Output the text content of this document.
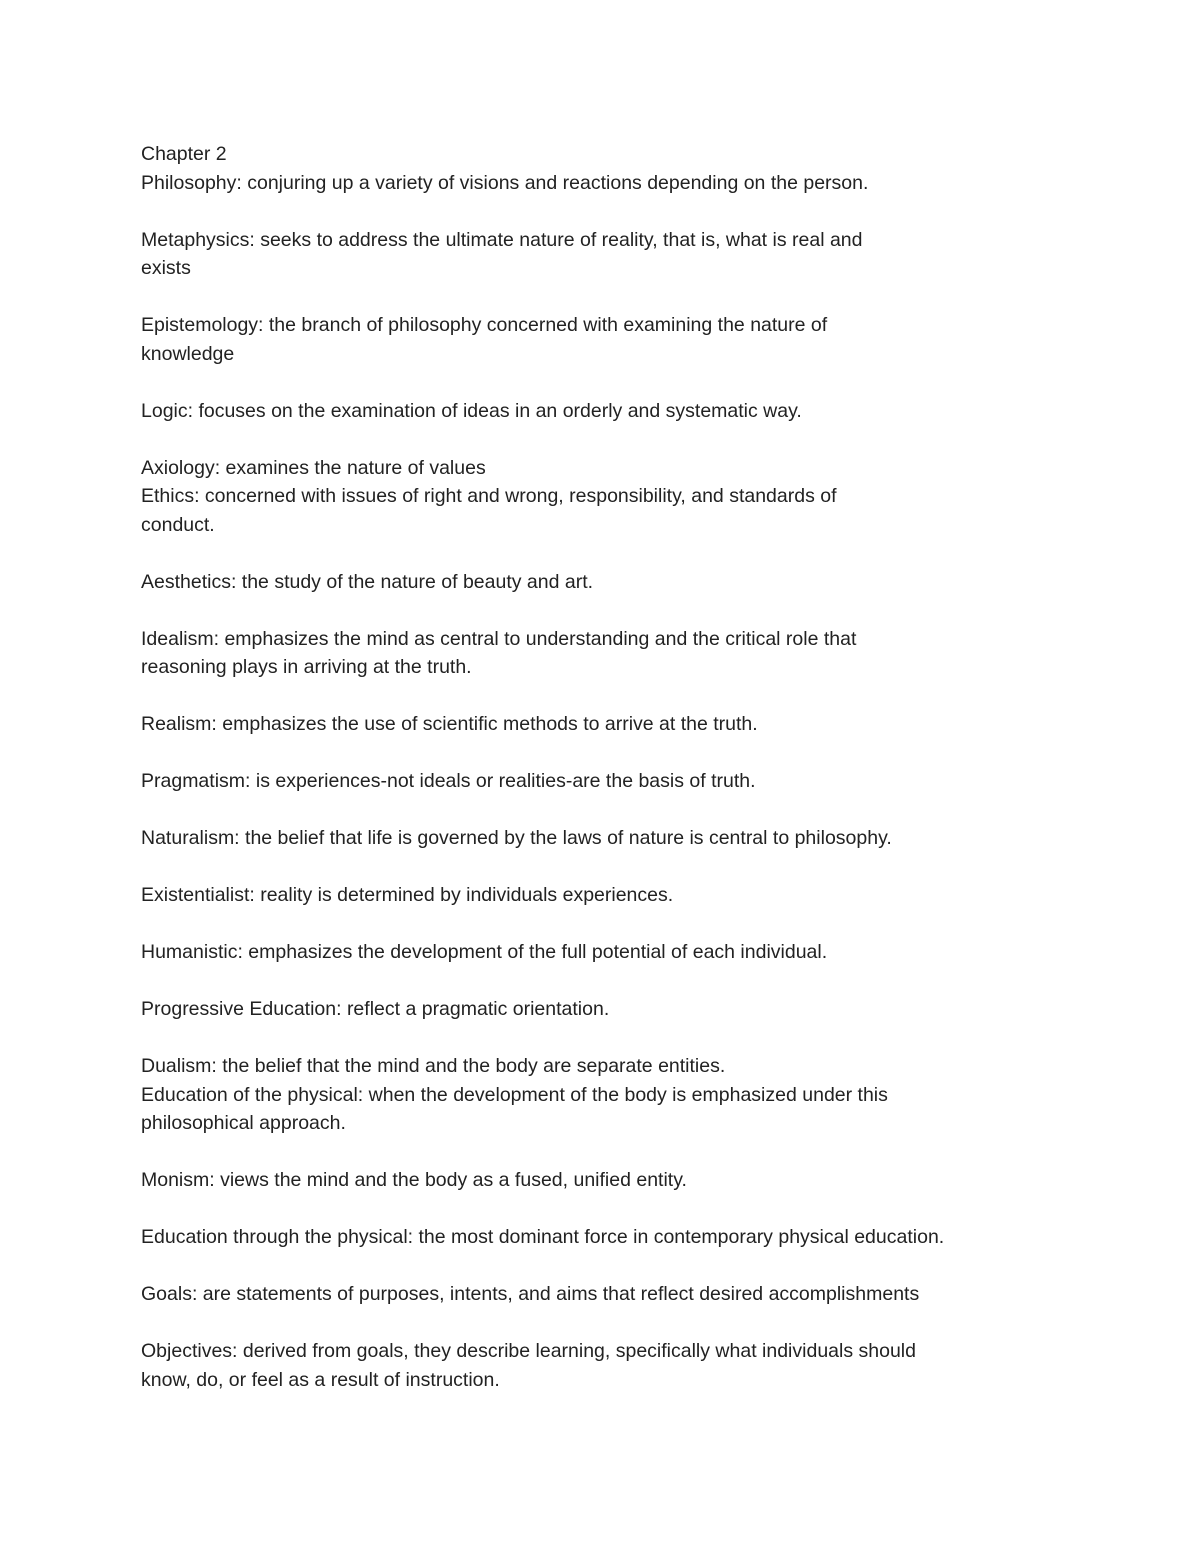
Chapter 2
Philosophy: conjuring up a variety of visions and reactions depending on the person.
Metaphysics: seeks to address the ultimate nature of reality, that is, what is real and
exists
Epistemology: the branch of philosophy concerned with examining the nature of
knowledge
Logic: focuses on the examination of ideas in an orderly and systematic way.
Axiology: examines the nature of values
Ethics: concerned with issues of right and wrong, responsibility, and standards of
conduct.
Aesthetics: the study of the nature of beauty and art.
Idealism: emphasizes the mind as central to understanding and the critical role that
reasoning plays in arriving at the truth.
Realism: emphasizes the use of scientific methods to arrive at the truth.
Pragmatism: is experiences-not ideals or realities-are the basis of truth.
Naturalism: the belief that life is governed by the laws of nature is central to philosophy.
Existentialist: reality is determined by individuals experiences.
Humanistic: emphasizes the development of the full potential of each individual.
Progressive Education: reflect a pragmatic orientation.
Dualism: the belief that the mind and the body are separate entities.
Education of the physical: when the development of the body is emphasized under this
philosophical approach.
Monism: views the mind and the body as a fused, unified entity.
Education through the physical: the most dominant force in contemporary physical education.
Goals: are statements of purposes, intents, and aims that reflect desired accomplishments
Objectives: derived from goals, they describe learning, specifically what individuals should
know, do, or feel as a result of instruction.
